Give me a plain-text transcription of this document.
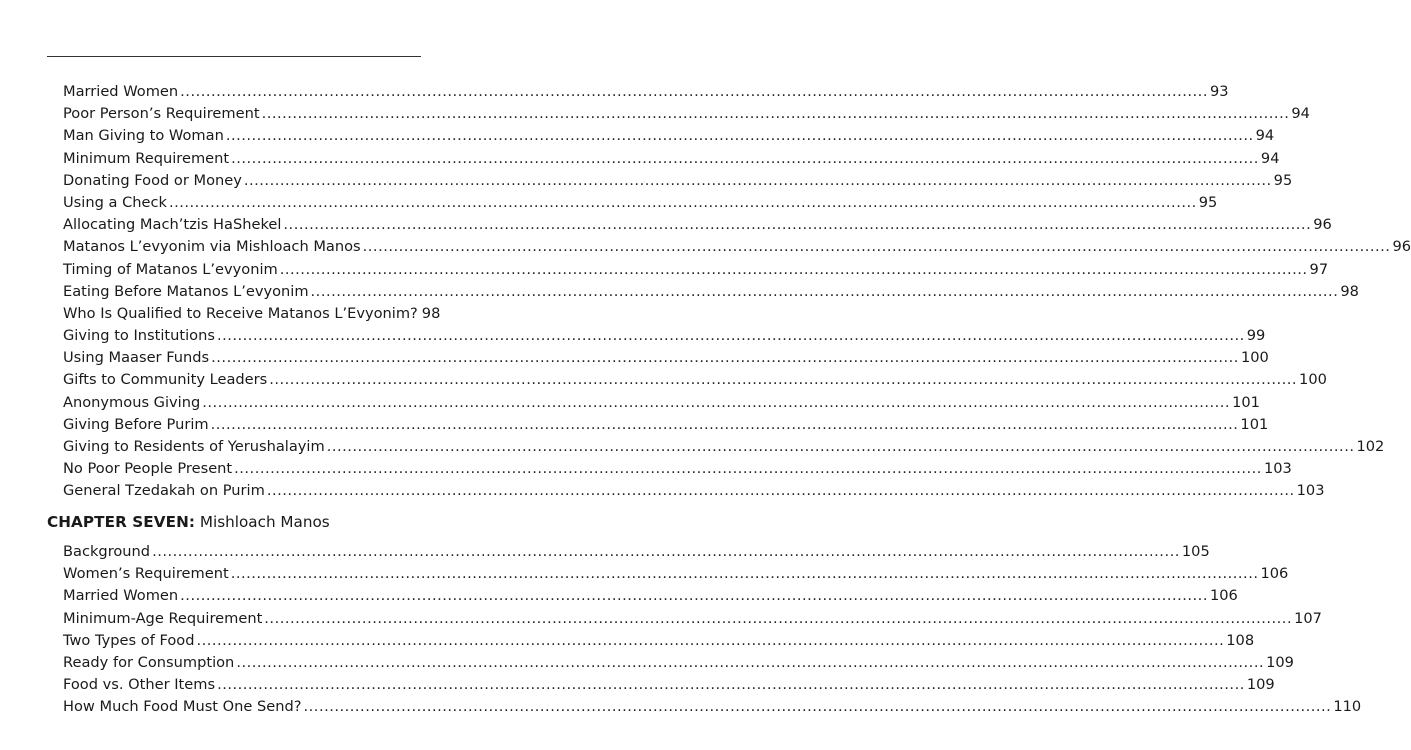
Married Women .....	93
Poor Person’s Requirement .....	94
Man Giving to Woman .....	94
Minimum Requirement .....	94
Donating Food or Money .....	95
Using a Check .....	95
Allocating Mach’tzis HaShekel .....	96
Matanos L’evyonim via Mishloach Manos .....	96
Timing of Matanos L’evyonim .....	97
Eating Before Matanos L’evyonim .....	98
Who Is Qualified to Receive Matanos L’Evyonim? 98
Giving to Institutions .....	99
Using Maaser Funds .....	100
Gifts to Community Leaders .....	100
Anonymous Giving .....	101
Giving Before Purim .....	101
Giving to Residents of Yerushalayim .....	102
No Poor People Present .....	103
General Tzedakah on Purim .....	103
CHAPTER SEVEN: Mishloach Manos
Background .....	105
Women’s Requirement .....	106
Married Women .....	106
Minimum-Age Requirement .....	107
Two Types of Food .....	108
Ready for Consumption .....	109
Food vs. Other Items .....	109
How Much Food Must One Send? .....	110
